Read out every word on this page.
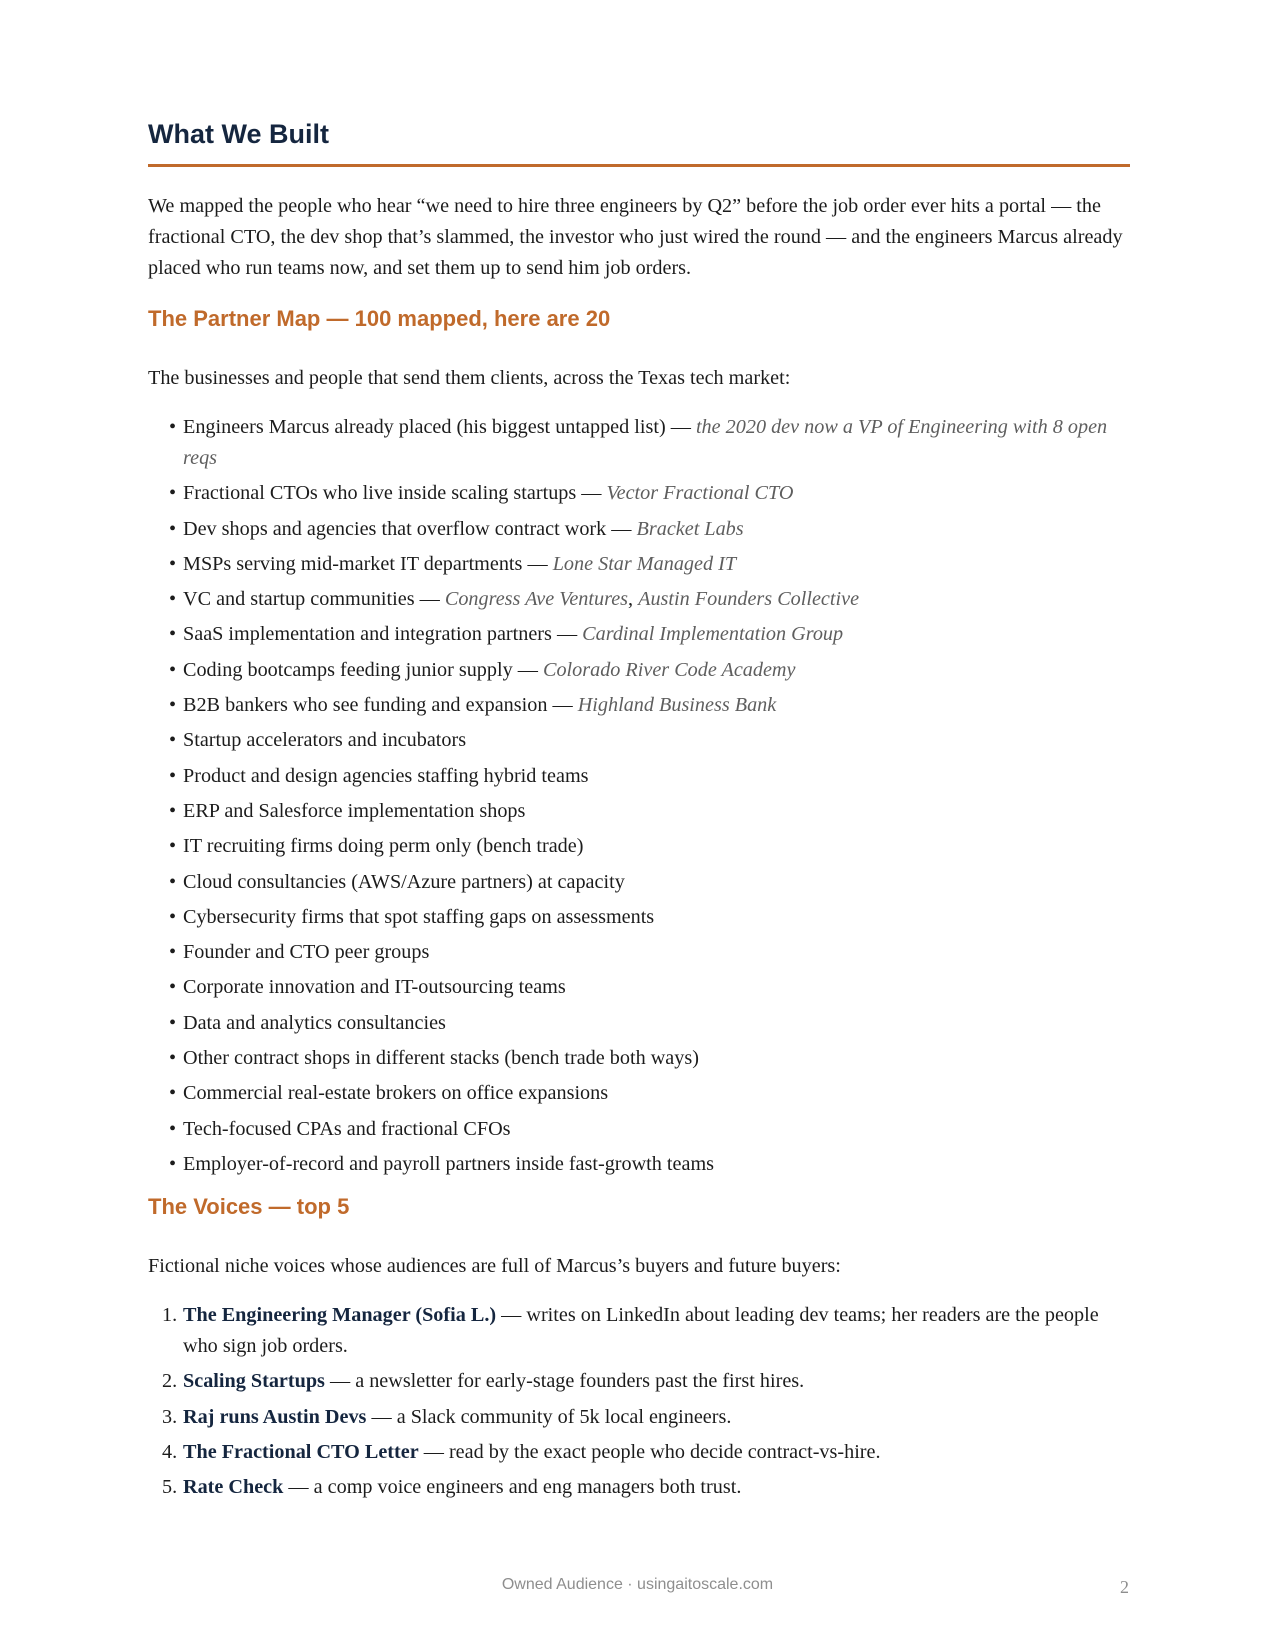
What We Built

We mapped the people who hear “we need to hire three engineers by Q2” before the job order ever hits a portal — the fractional CTO, the dev shop that’s slammed, the investor who just wired the round — and the engineers Marcus already placed who run teams now, and set them up to send him job orders.

The Partner Map — 100 mapped, here are 20

The businesses and people that send them clients, across the Texas tech market:

• Engineers Marcus already placed (his biggest untapped list) — the 2020 dev now a VP of Engineering with 8 open reqs
• Fractional CTOs who live inside scaling startups — Vector Fractional CTO
• Dev shops and agencies that overflow contract work — Bracket Labs
• MSPs serving mid-market IT departments — Lone Star Managed IT
• VC and startup communities — Congress Ave Ventures, Austin Founders Collective
• SaaS implementation and integration partners — Cardinal Implementation Group
• Coding bootcamps feeding junior supply — Colorado River Code Academy
• B2B bankers who see funding and expansion — Highland Business Bank
• Startup accelerators and incubators
• Product and design agencies staffing hybrid teams
• ERP and Salesforce implementation shops
• IT recruiting firms doing perm only (bench trade)
• Cloud consultancies (AWS/Azure partners) at capacity
• Cybersecurity firms that spot staffing gaps on assessments
• Founder and CTO peer groups
• Corporate innovation and IT-outsourcing teams
• Data and analytics consultancies
• Other contract shops in different stacks (bench trade both ways)
• Commercial real-estate brokers on office expansions
• Tech-focused CPAs and fractional CFOs
• Employer-of-record and payroll partners inside fast-growth teams
The Voices — top 5

Fictional niche voices whose audiences are full of Marcus’s buyers and future buyers:

1. The Engineering Manager (Sofia L.) — writes on LinkedIn about leading dev teams; her readers are the people who sign job orders.
2. Scaling Startups — a newsletter for early-stage founders past the first hires.
3. Raj runs Austin Devs — a Slack community of 5k local engineers.
4. The Fractional CTO Letter — read by the exact people who decide contract-vs-hire.
5. Rate Check — a comp voice engineers and eng managers both trust.
Owned Audience · usingaitoscale.com	2
